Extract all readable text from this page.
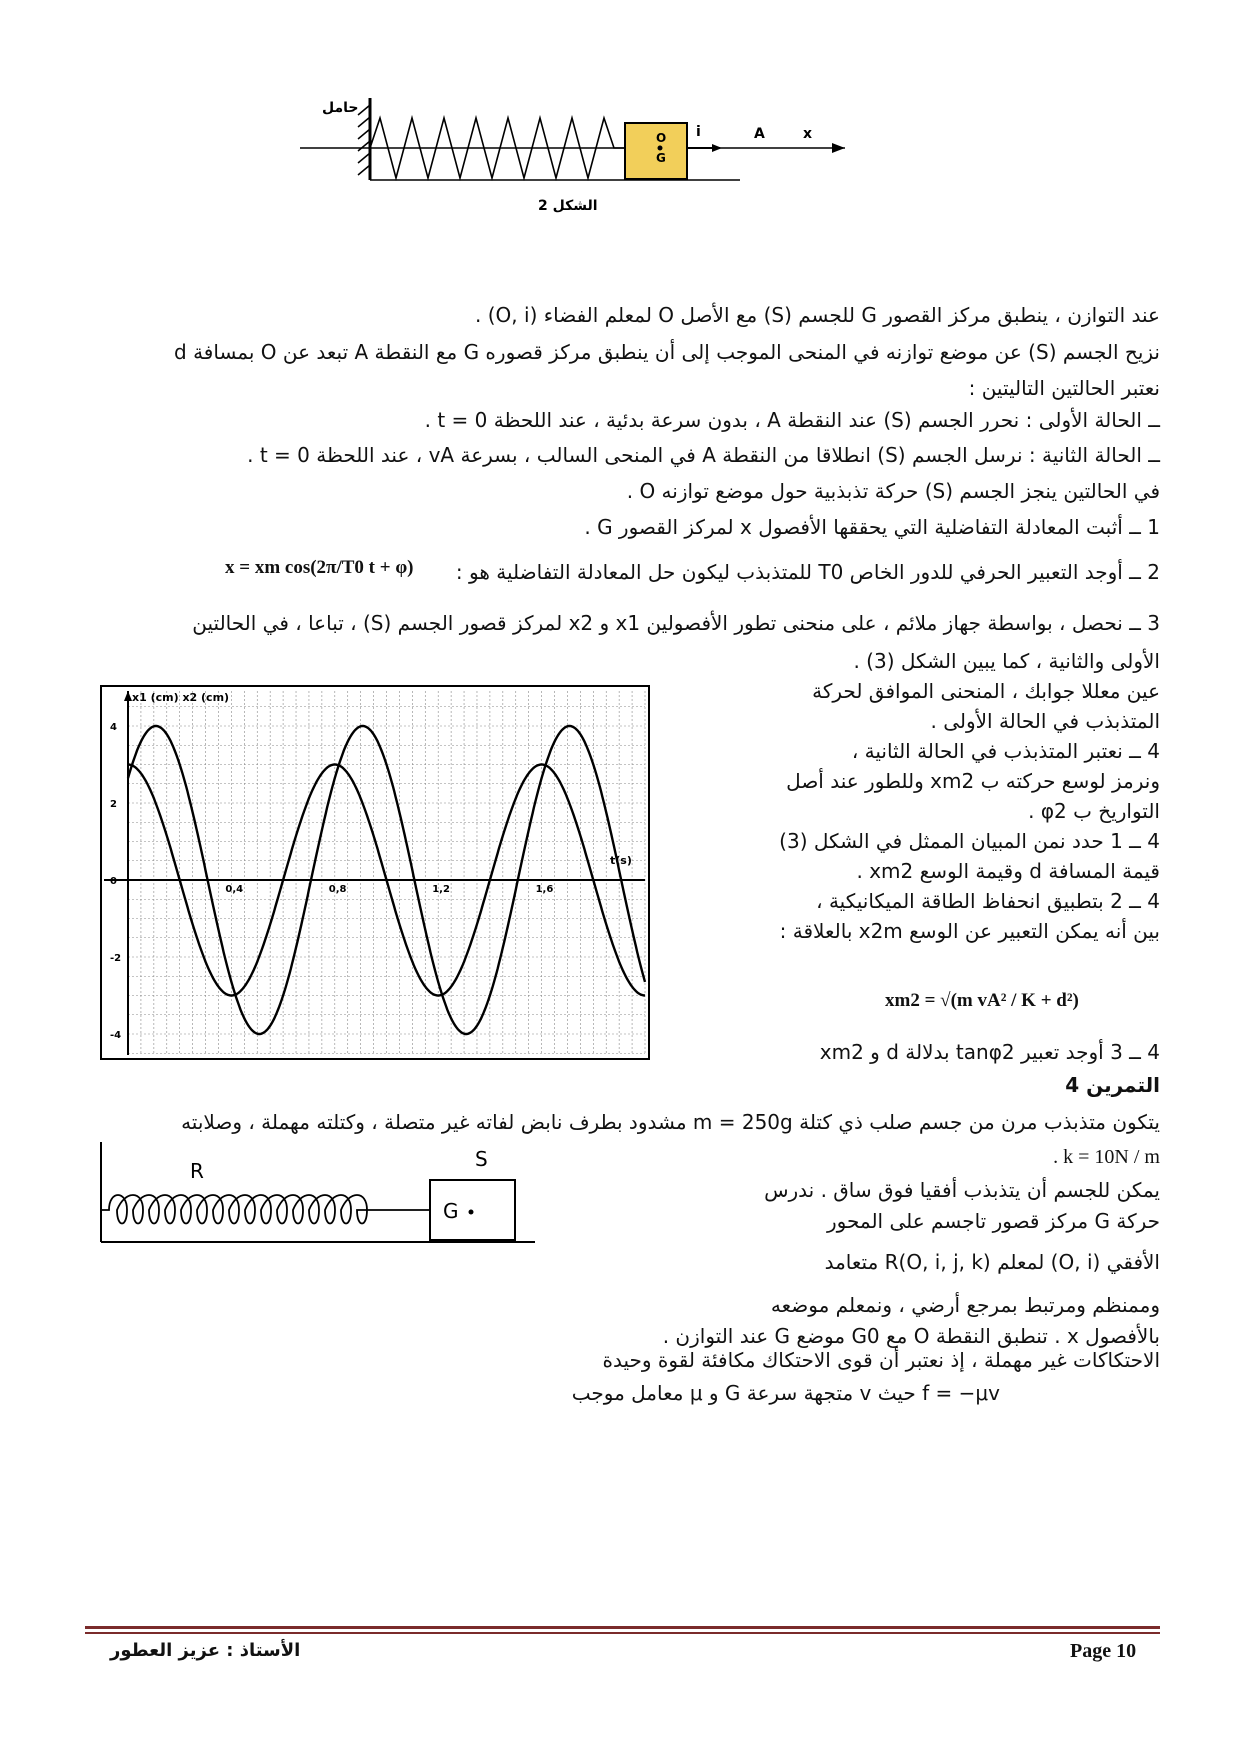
O
G
i	A	x
حامل
الشكل 2
عند التوازن ، ينطبق مركز القصور G للجسم (S) مع الأصل O لمعلم الفضاء (O, i) .
نزيح الجسم (S) عن موضع توازنه في المنحى الموجب إلى أن ينطبق مركز قصوره G مع النقطة A تبعد عن O بمسافة d
نعتبر الحالتين التاليتين :
ــ الحالة الأولى : نحرر الجسم (S) عند النقطة A ، بدون سرعة بدئية ، عند اللحظة t = 0 .
ــ الحالة الثانية : نرسل الجسم (S) انطلاقا من النقطة A في المنحى السالب ، بسرعة vA ، عند اللحظة t = 0 .
في الحالتين ينجز الجسم (S) حركة تذبذبية حول موضع توازنه O .
1 ــ أثبت المعادلة التفاضلية التي يحققها الأفصول x لمركز القصور G .
2 ــ أوجد التعبير الحرفي للدور الخاص T0 للمتذبذب ليكون حل المعادلة التفاضلية هو :
x = xm cos(2π/T0 t + φ)
3 ــ نحصل ، بواسطة جهاز ملائم ، على منحنى تطور الأفصولين x1 و x2 لمركز قصور الجسم (S) ، تباعا ، في الحالتين
الأولى والثانية ، كما يبين الشكل (3) .
4
2
0
-2
-4
0,4	0,8	1,2	1,6
t(s)
x1 (cm) x2 (cm)	عين معللا جوابك ، المنحنى الموافق لحركة
المتذبذب في الحالة الأولى .
4 ــ نعتبر المتذبذب في الحالة الثانية ،
ونرمز لوسع حركته ب xm2 وللطور عند أصل
التواريخ ب φ2 .
4 ــ 1 حدد نمن المبيان الممثل في الشكل (3)
قيمة المسافة d وقيمة الوسع xm2 .
4 ــ 2 بتطبيق انحفاظ الطاقة الميكانيكية ،
بين أنه يمكن التعبير عن الوسع x2m بالعلاقة :
xm2 = √(m vA² / K + d²)
4 ــ 3 أوجد تعبير tanφ2 بدلالة d و xm2
التمرين 4
يتكون متذبذب مرن من جسم صلب ذي كتلة m = 250g مشدود بطرف نابض لفاته غير متصلة ، وكتلته مهملة ، وصلابته
k = 10N / m .
يمكن للجسم أن يتذبذب أفقيا فوق ساق . ندرس
حركة G مركز قصور تاجسم على المحور
الأفقي (O, i) لمعلم R(O, i, j, k) متعامد
وممنظم ومرتبط بمرجع أرضي ، ونمعلم موضعه
بالأفصول x . تنطبق النقطة O مع G0 موضع G عند التوازن .
الاحتكاكات غير مهملة ، إذ نعتبر أن قوى الاحتكاك مكافئة لقوة وحيدة
f = −μv حيث v متجهة سرعة G و μ معامل موجب
G
R	S
Page 10
الأستاذ : عزيز العطور
